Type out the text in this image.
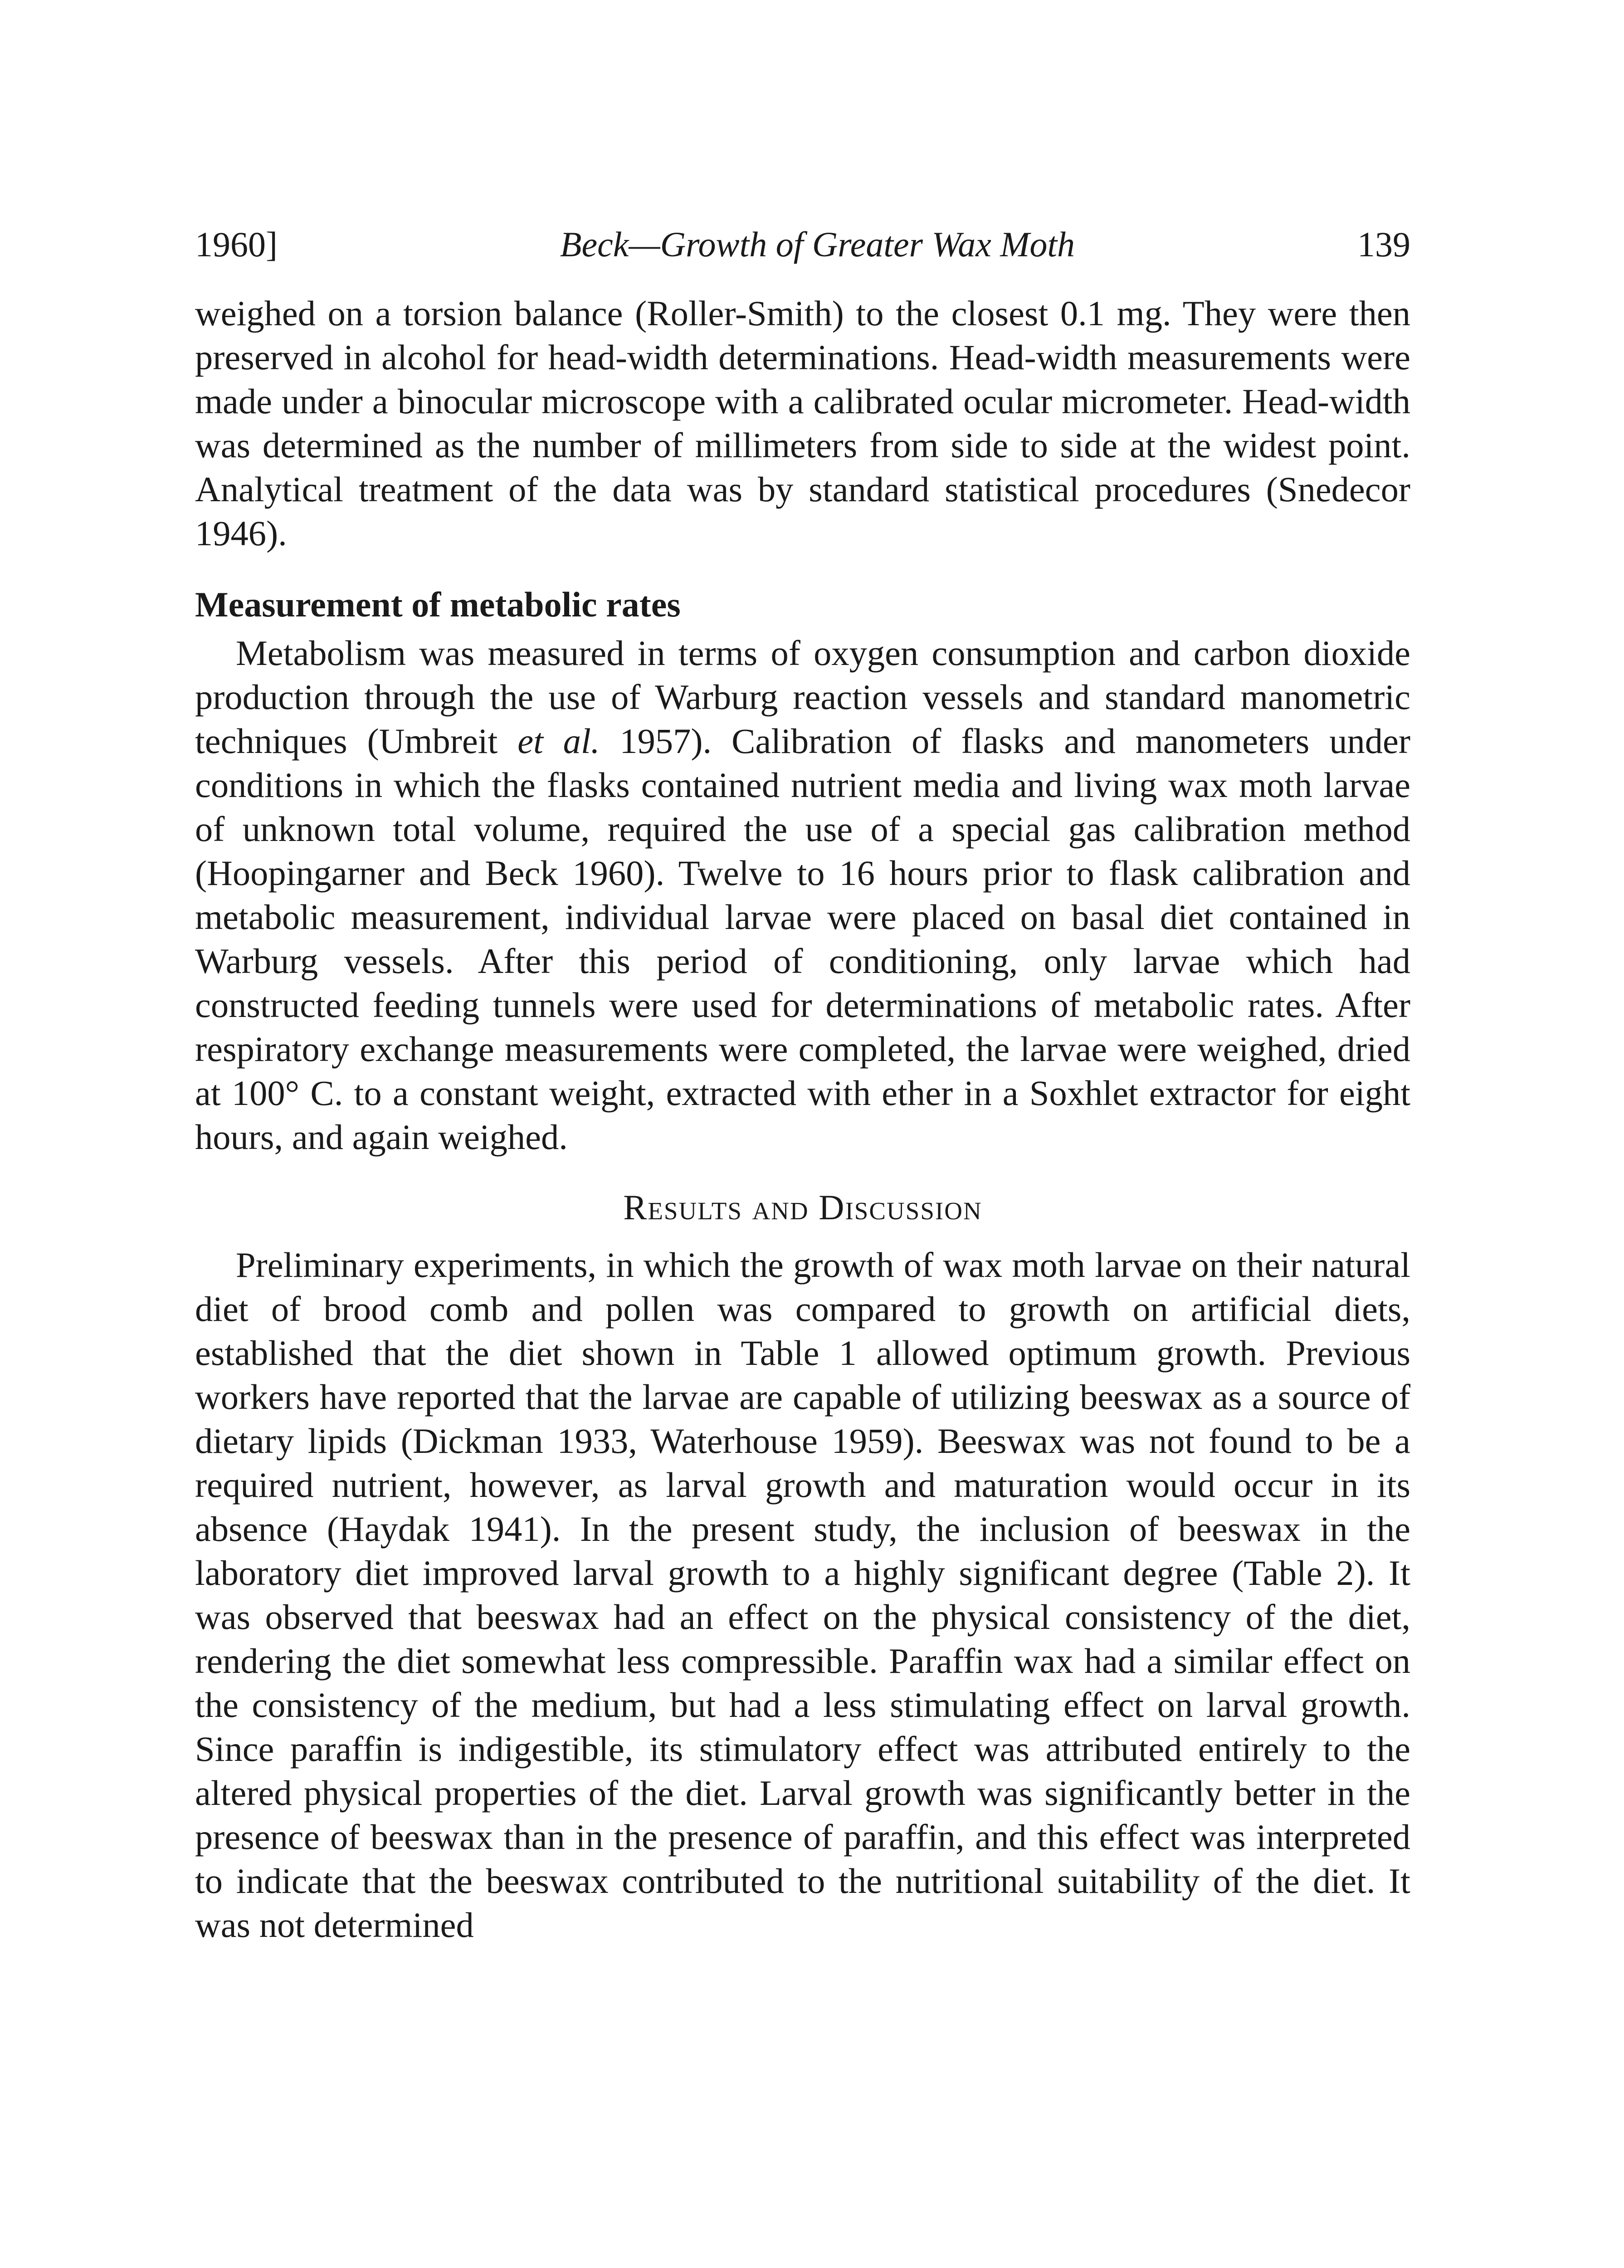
1960]	Beck—Growth of Greater Wax Moth	139

weighed on a torsion balance (Roller-Smith) to the closest 0.1 mg. They were then preserved in alcohol for head-width determinations. Head-width measurements were made under a binocular microscope with a calibrated ocular micrometer. Head-width was determined as the number of millimeters from side to side at the widest point. Analytical treatment of the data was by standard statistical procedures (Snedecor 1946).

Measurement of metabolic rates

Metabolism was measured in terms of oxygen consumption and carbon dioxide production through the use of Warburg reaction vessels and standard manometric techniques (Umbreit et al. 1957). Calibration of flasks and manometers under conditions in which the flasks contained nutrient media and living wax moth larvae of unknown total volume, required the use of a special gas calibration method (Hoopingarner and Beck 1960). Twelve to 16 hours prior to flask calibration and metabolic measurement, individual larvae were placed on basal diet contained in Warburg vessels. After this period of conditioning, only larvae which had constructed feeding tunnels were used for determinations of metabolic rates. After respiratory exchange measurements were completed, the larvae were weighed, dried at 100° C. to a constant weight, extracted with ether in a Soxhlet extractor for eight hours, and again weighed.

Results and Discussion

Preliminary experiments, in which the growth of wax moth larvae on their natural diet of brood comb and pollen was compared to growth on artificial diets, established that the diet shown in Table 1 allowed optimum growth. Previous workers have reported that the larvae are capable of utilizing beeswax as a source of dietary lipids (Dickman 1933, Waterhouse 1959). Beeswax was not found to be a required nutrient, however, as larval growth and maturation would occur in its absence (Haydak 1941). In the present study, the inclusion of beeswax in the laboratory diet improved larval growth to a highly significant degree (Table 2). It was observed that beeswax had an effect on the physical consistency of the diet, rendering the diet somewhat less compressible. Paraffin wax had a similar effect on the consistency of the medium, but had a less stimulating effect on larval growth. Since paraffin is indigestible, its stimulatory effect was attributed entirely to the altered physical properties of the diet. Larval growth was significantly better in the presence of beeswax than in the presence of paraffin, and this effect was interpreted to indicate that the beeswax contributed to the nutritional suitability of the diet. It was not determined
